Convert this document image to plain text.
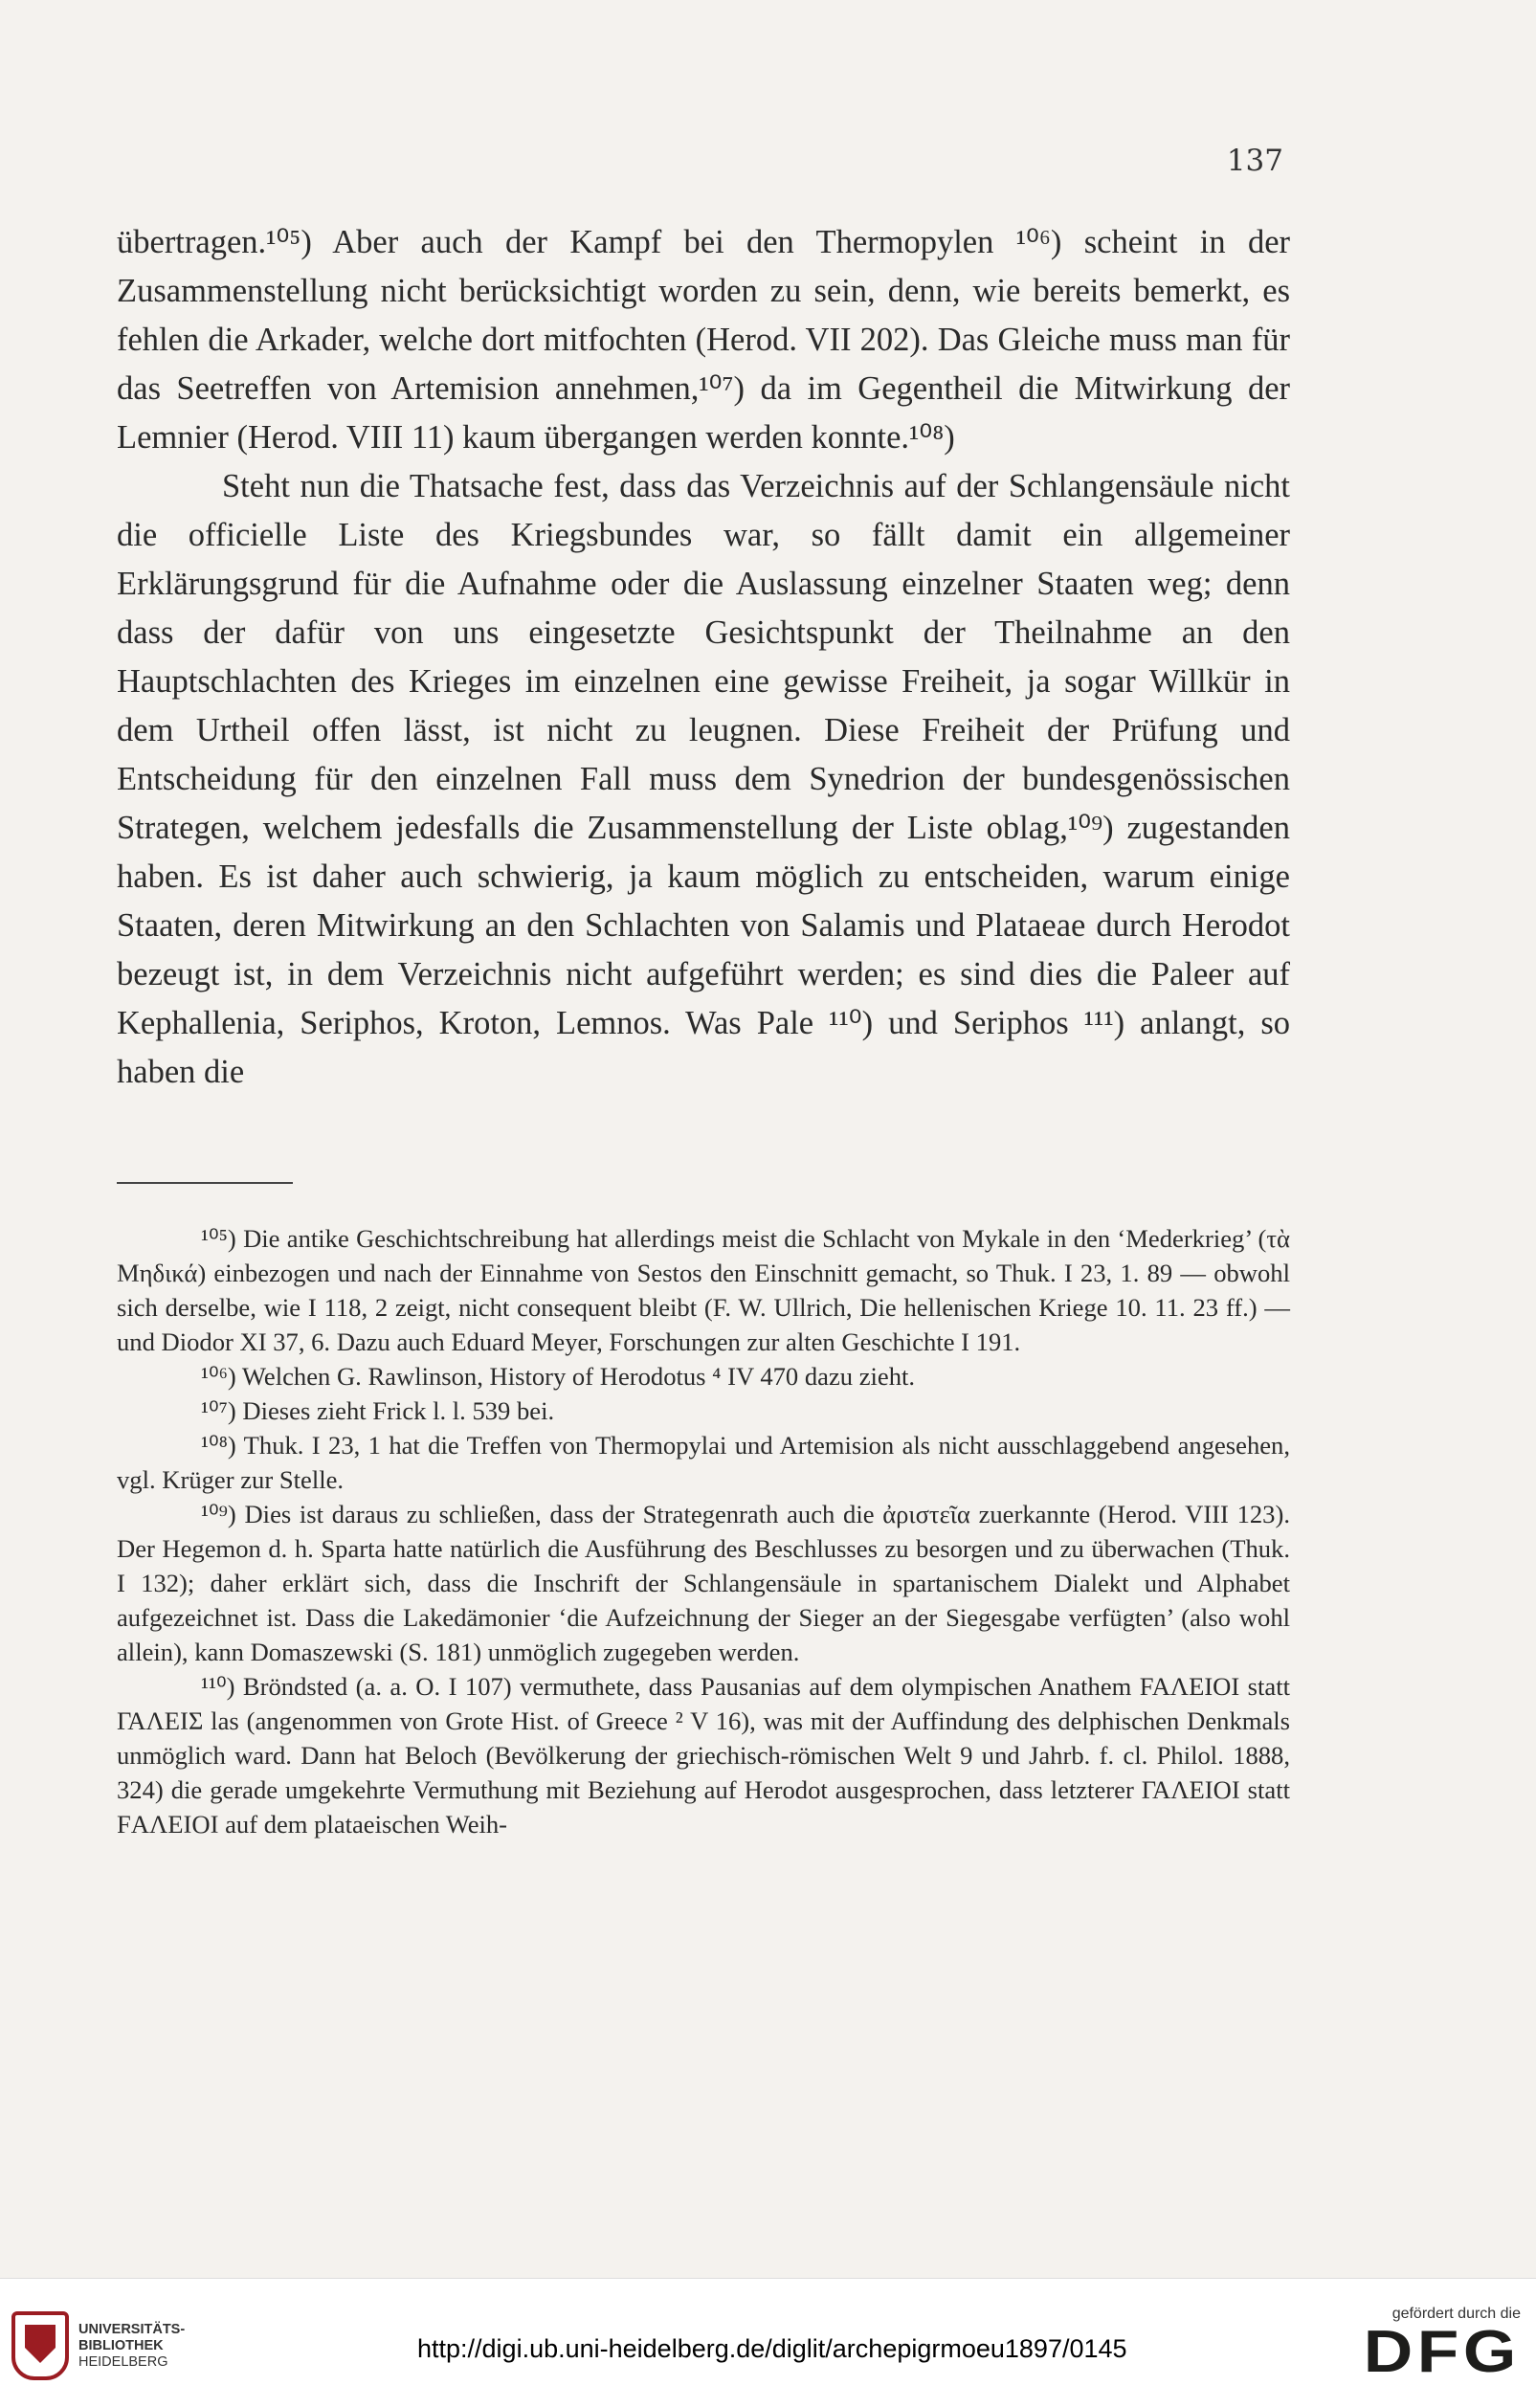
137

übertragen.¹⁰⁵) Aber auch der Kampf bei den Thermopylen ¹⁰⁶) scheint in der Zusammenstellung nicht berücksichtigt worden zu sein, denn, wie bereits bemerkt, es fehlen die Arkader, welche dort mitfochten (Herod. VII 202). Das Gleiche muss man für das Seetreffen von Artemision annehmen,¹⁰⁷) da im Gegentheil die Mitwirkung der Lemnier (Herod. VIII 11) kaum übergangen werden konnte.¹⁰⁸)

Steht nun die Thatsache fest, dass das Verzeichnis auf der Schlangensäule nicht die officielle Liste des Kriegsbundes war, so fällt damit ein allgemeiner Erklärungsgrund für die Aufnahme oder die Auslassung einzelner Staaten weg; denn dass der dafür von uns eingesetzte Gesichtspunkt der Theilnahme an den Hauptschlachten des Krieges im einzelnen eine gewisse Freiheit, ja sogar Willkür in dem Urtheil offen lässt, ist nicht zu leugnen. Diese Freiheit der Prüfung und Entscheidung für den einzelnen Fall muss dem Synedrion der bundesgenössischen Strategen, welchem jedesfalls die Zusammenstellung der Liste oblag,¹⁰⁹) zugestanden haben. Es ist daher auch schwierig, ja kaum möglich zu entscheiden, warum einige Staaten, deren Mitwirkung an den Schlachten von Salamis und Plataeae durch Herodot bezeugt ist, in dem Verzeichnis nicht aufgeführt werden; es sind dies die Paleer auf Kephallenia, Seriphos, Kroton, Lemnos. Was Pale ¹¹⁰) und Seriphos ¹¹¹) anlangt, so haben die

¹⁰⁵) Die antike Geschichtschreibung hat allerdings meist die Schlacht von Mykale in den ‘Mederkrieg’ (τὰ Μηδικά) einbezogen und nach der Einnahme von Sestos den Einschnitt gemacht, so Thuk. I 23, 1. 89 — obwohl sich derselbe, wie I 118, 2 zeigt, nicht consequent bleibt (F. W. Ullrich, Die hellenischen Kriege 10. 11. 23 ff.) — und Diodor XI 37, 6. Dazu auch Eduard Meyer, Forschungen zur alten Geschichte I 191.

¹⁰⁶) Welchen G. Rawlinson, History of Herodotus ⁴ IV 470 dazu zieht.

¹⁰⁷) Dieses zieht Frick l. l. 539 bei.

¹⁰⁸) Thuk. I 23, 1 hat die Treffen von Thermopylai und Artemision als nicht ausschlaggebend angesehen, vgl. Krüger zur Stelle.

¹⁰⁹) Dies ist daraus zu schließen, dass der Strategenrath auch die ἀριστεῖα zuerkannte (Herod. VIII 123). Der Hegemon d. h. Sparta hatte natürlich die Ausführung des Beschlusses zu besorgen und zu überwachen (Thuk. I 132); daher erklärt sich, dass die Inschrift der Schlangensäule in spartanischem Dialekt und Alphabet aufgezeichnet ist. Dass die Lakedämonier ‘die Aufzeichnung der Sieger an der Siegesgabe verfügten’ (also wohl allein), kann Domaszewski (S. 181) unmöglich zugegeben werden.

¹¹⁰) Bröndsted (a. a. O. I 107) vermuthete, dass Pausanias auf dem olympischen Anathem FAΛEIOI statt ΓΑΛΕΙΣ las (angenommen von Grote Hist. of Greece ² V 16), was mit der Auffindung des delphischen Denkmals unmöglich ward. Dann hat Beloch (Bevölkerung der griechisch-römischen Welt 9 und Jahrb. f. cl. Philol. 1888, 324) die gerade umgekehrte Vermuthung mit Beziehung auf Herodot ausgesprochen, dass letzterer ΓΑΛΕΙΟΙ statt FΑΛΕΙΟΙ auf dem plataeischen Weih-

UNIVERSITÄTS-
BIBLIOTHEK
HEIDELBERG	http://digi.ub.uni-heidelberg.de/diglit/archepigrmoeu1897/0145
gefördert durch die
DFG
